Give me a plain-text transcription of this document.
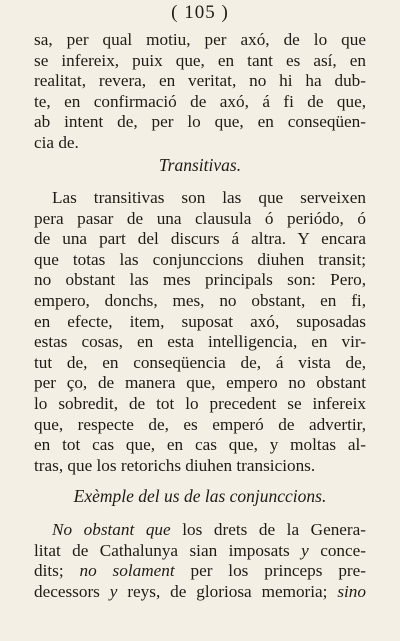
( 105 )
sa, per qual motiu, per axó, de lo que
se infereix, puix que, en tant es así, en
realitat, revera, en veritat, no hi ha dub-
te, en confirmació de axó, á fi de que,
ab intent de, per lo que, en conseqüen-
cia de.
Transitivas.
Las transitivas son las que serveixen
pera pasar de una clausula ó periódo, ó
de una part del discurs á altra. Y encara
que totas las conjunccions diuhen transit;
no obstant las mes principals son: Pero,
empero, donchs, mes, no obstant, en fi,
en efecte, item, suposat axó, suposadas
estas cosas, en esta intelligencia, en vir-
tut de, en conseqüencia de, á vista de,
per ço, de manera que, empero no obstant
lo sobredit, de tot lo precedent se infereix
que, respecte de, es emperó de advertir,
en tot cas que, en cas que, y moltas al-
tras, que los retorichs diuhen transicions.
Exèmple del us de las conjunccions.
No obstant que los drets de la Genera-
litat de Cathalunya sian imposats y conce-
dits; no solament per los princeps pre-
decessors y reys, de gloriosa memoria; sino
